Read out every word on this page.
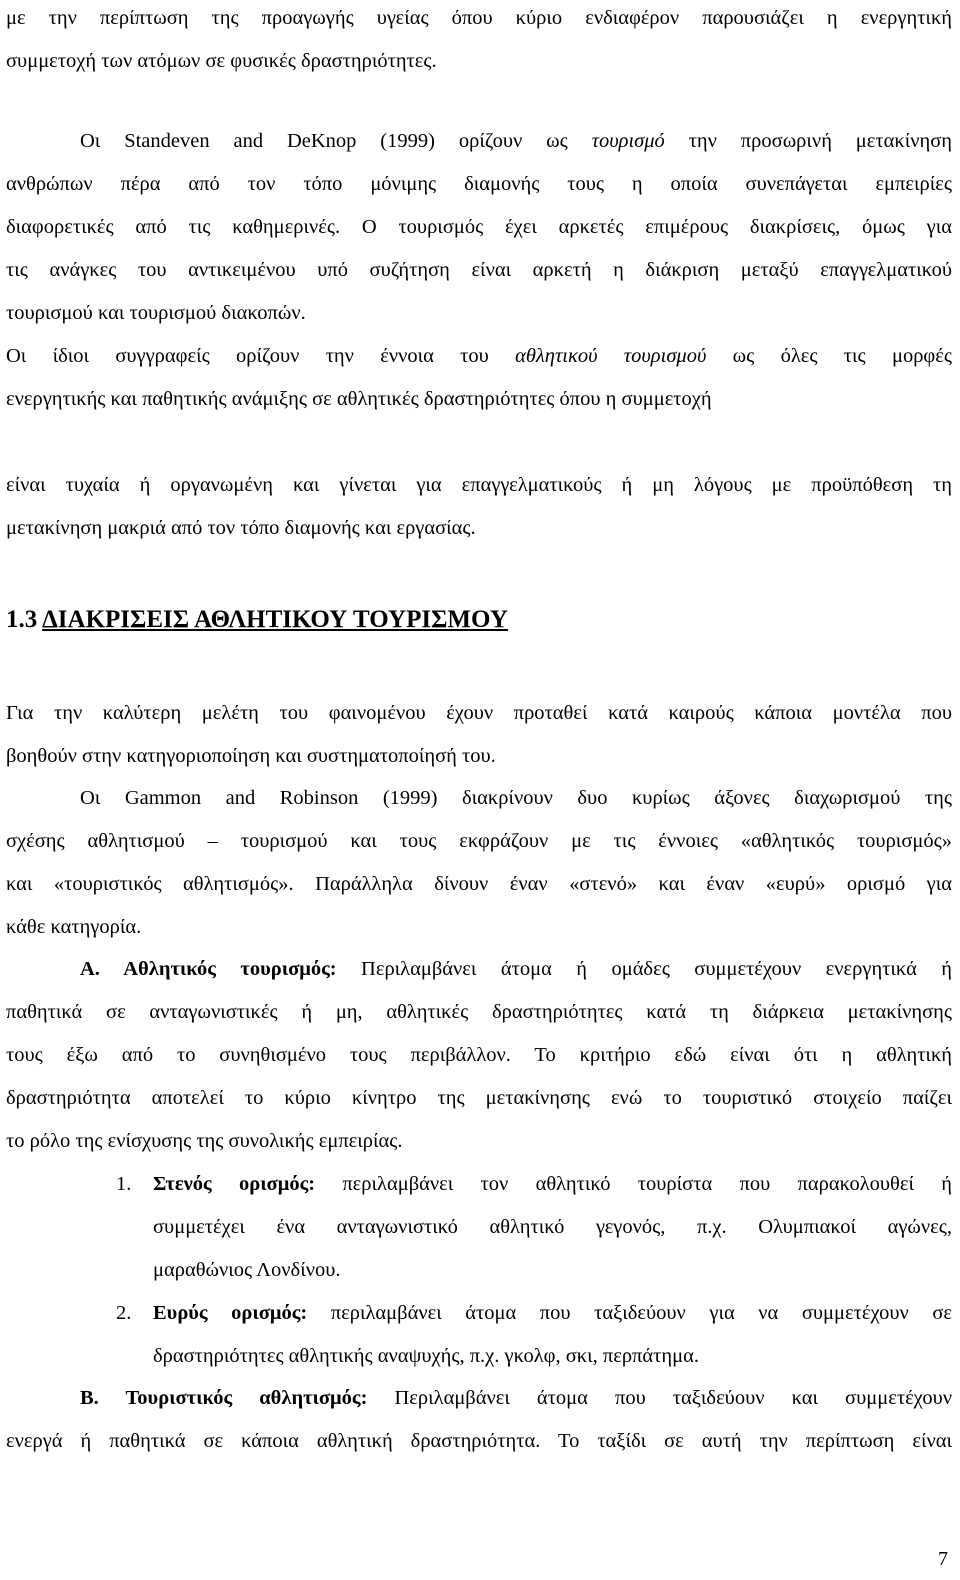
με την περίπτωση της προαγωγής υγείας όπου κύριο ενδιαφέρον παρουσιάζει η ενεργητική
συμμετοχή των ατόμων σε φυσικές δραστηριότητες.
Οι Standeven and DeKnop (1999) ορίζουν ως τουρισμό την προσωρινή μετακίνηση
ανθρώπων πέρα από τον τόπο μόνιμης διαμονής τους η οποία συνεπάγεται εμπειρίες
διαφορετικές από τις καθημερινές. Ο τουρισμός έχει αρκετές επιμέρους διακρίσεις, όμως για
τις ανάγκες του αντικειμένου υπό συζήτηση είναι αρκετή η διάκριση μεταξύ επαγγελματικού
τουρισμού και τουρισμού διακοπών.
Οι ίδιοι συγγραφείς ορίζουν την έννοια του αθλητικού τουρισμού ως όλες τις μορφές
ενεργητικής και παθητικής ανάμιξης σε αθλητικές δραστηριότητες όπου η συμμετοχή
είναι τυχαία ή οργανωμένη και γίνεται για επαγγελματικούς ή μη λόγους με προϋπόθεση τη
μετακίνηση μακριά από τον τόπο διαμονής και εργασίας.
1.3 ΔΙΑΚΡΙΣΕΙΣ ΑΘΛΗΤΙΚΟΥ ΤΟΥΡΙΣΜΟΥ
Για την καλύτερη μελέτη του φαινομένου έχουν προταθεί κατά καιρούς κάποια μοντέλα που
βοηθούν στην κατηγοριοποίηση και συστηματοποίησή του.
Οι Gammon and Robinson (1999) διακρίνουν δυο κυρίως άξονες διαχωρισμού της
σχέσης αθλητισμού – τουρισμού και τους εκφράζουν με τις έννοιες «αθλητικός τουρισμός»
και «τουριστικός αθλητισμός». Παράλληλα δίνουν έναν «στενό» και έναν «ευρύ» ορισμό για
κάθε κατηγορία.
Α. Αθλητικός τουρισμός: Περιλαμβάνει άτομα ή ομάδες συμμετέχουν ενεργητικά ή
παθητικά σε ανταγωνιστικές ή μη, αθλητικές δραστηριότητες κατά τη διάρκεια μετακίνησης
τους έξω από το συνηθισμένο τους περιβάλλον. Το κριτήριο εδώ είναι ότι η αθλητική
δραστηριότητα αποτελεί το κύριο κίνητρο της μετακίνησης ενώ το τουριστικό στοιχείο παίζει
το ρόλο της ενίσχυσης της συνολικής εμπειρίας.
1.	Στενός ορισμός: περιλαμβάνει τον αθλητικό τουρίστα που παρακολουθεί ή
συμμετέχει ένα ανταγωνιστικό αθλητικό γεγονός, π.χ. Ολυμπιακοί αγώνες,
μαραθώνιος Λονδίνου.
2.	Ευρύς ορισμός: περιλαμβάνει άτομα που ταξιδεύουν για να συμμετέχουν σε
δραστηριότητες αθλητικής αναψυχής, π.χ. γκολφ, σκι, περπάτημα.
Β. Τουριστικός αθλητισμός: Περιλαμβάνει άτομα που ταξιδεύουν και συμμετέχουν
ενεργά ή παθητικά σε κάποια αθλητική δραστηριότητα. Το ταξίδι σε αυτή την περίπτωση είναι
7
